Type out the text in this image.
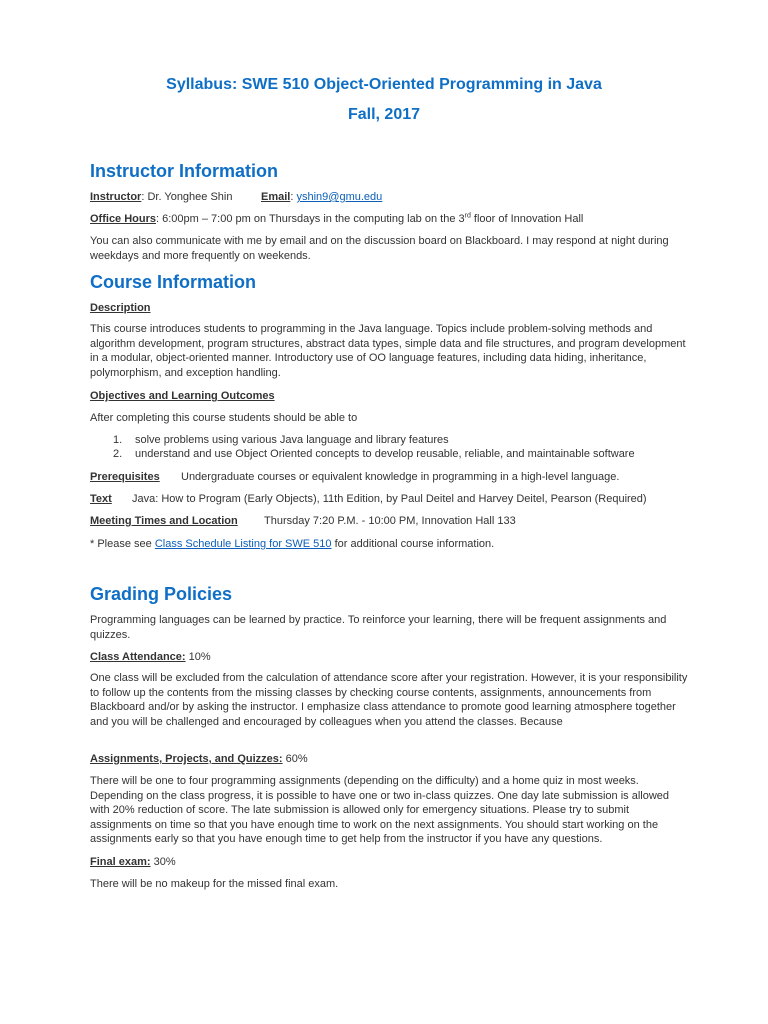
Syllabus: SWE 510 Object-Oriented Programming in Java
Fall, 2017
Instructor Information
Instructor: Dr. Yonghee Shin	Email: yshin9@gmu.edu
Office Hours: 6:00pm – 7:00 pm on Thursdays in the computing lab on the 3rd floor of Innovation Hall
You can also communicate with me by email and on the discussion board on Blackboard. I may respond at night during weekdays and more frequently on weekends.
Course Information
Description
This course introduces students to programming in the Java language. Topics include problem-solving methods and algorithm development, program structures, abstract data types, simple data and file structures, and program development in a modular, object-oriented manner. Introductory use of OO language features, including data hiding, inheritance, polymorphism, and exception handling.
Objectives and Learning Outcomes
After completing this course students should be able to
1. solve problems using various Java language and library features
2. understand and use Object Oriented concepts to develop reusable, reliable, and maintainable software
Prerequisites	Undergraduate courses or equivalent knowledge in programming in a high-level language.
Text	Java: How to Program (Early Objects), 11th Edition, by Paul Deitel and Harvey Deitel, Pearson (Required)
Meeting Times and Location	Thursday 7:20 P.M. - 10:00 PM, Innovation Hall 133
* Please see Class Schedule Listing for SWE 510 for additional course information.
Grading Policies
Programming languages can be learned by practice. To reinforce your learning, there will be frequent assignments and quizzes.
Class Attendance: 10%
One class will be excluded from the calculation of attendance score after your registration. However, it is your responsibility to follow up the contents from the missing classes by checking course contents, assignments, announcements from Blackboard and/or by asking the instructor. I emphasize class attendance to promote good learning atmosphere together and you will be challenged and encouraged by colleagues when you attend the classes. Because
Assignments, Projects, and Quizzes: 60%
There will be one to four programming assignments (depending on the difficulty) and a home quiz in most weeks. Depending on the class progress, it is possible to have one or two in-class quizzes. One day late submission is allowed with 20% reduction of score. The late submission is allowed only for emergency situations. Please try to submit assignments on time so that you have enough time to work on the next assignments. You should start working on the assignments early so that you have enough time to get help from the instructor if you have any questions.
Final exam: 30%
There will be no makeup for the missed final exam.
